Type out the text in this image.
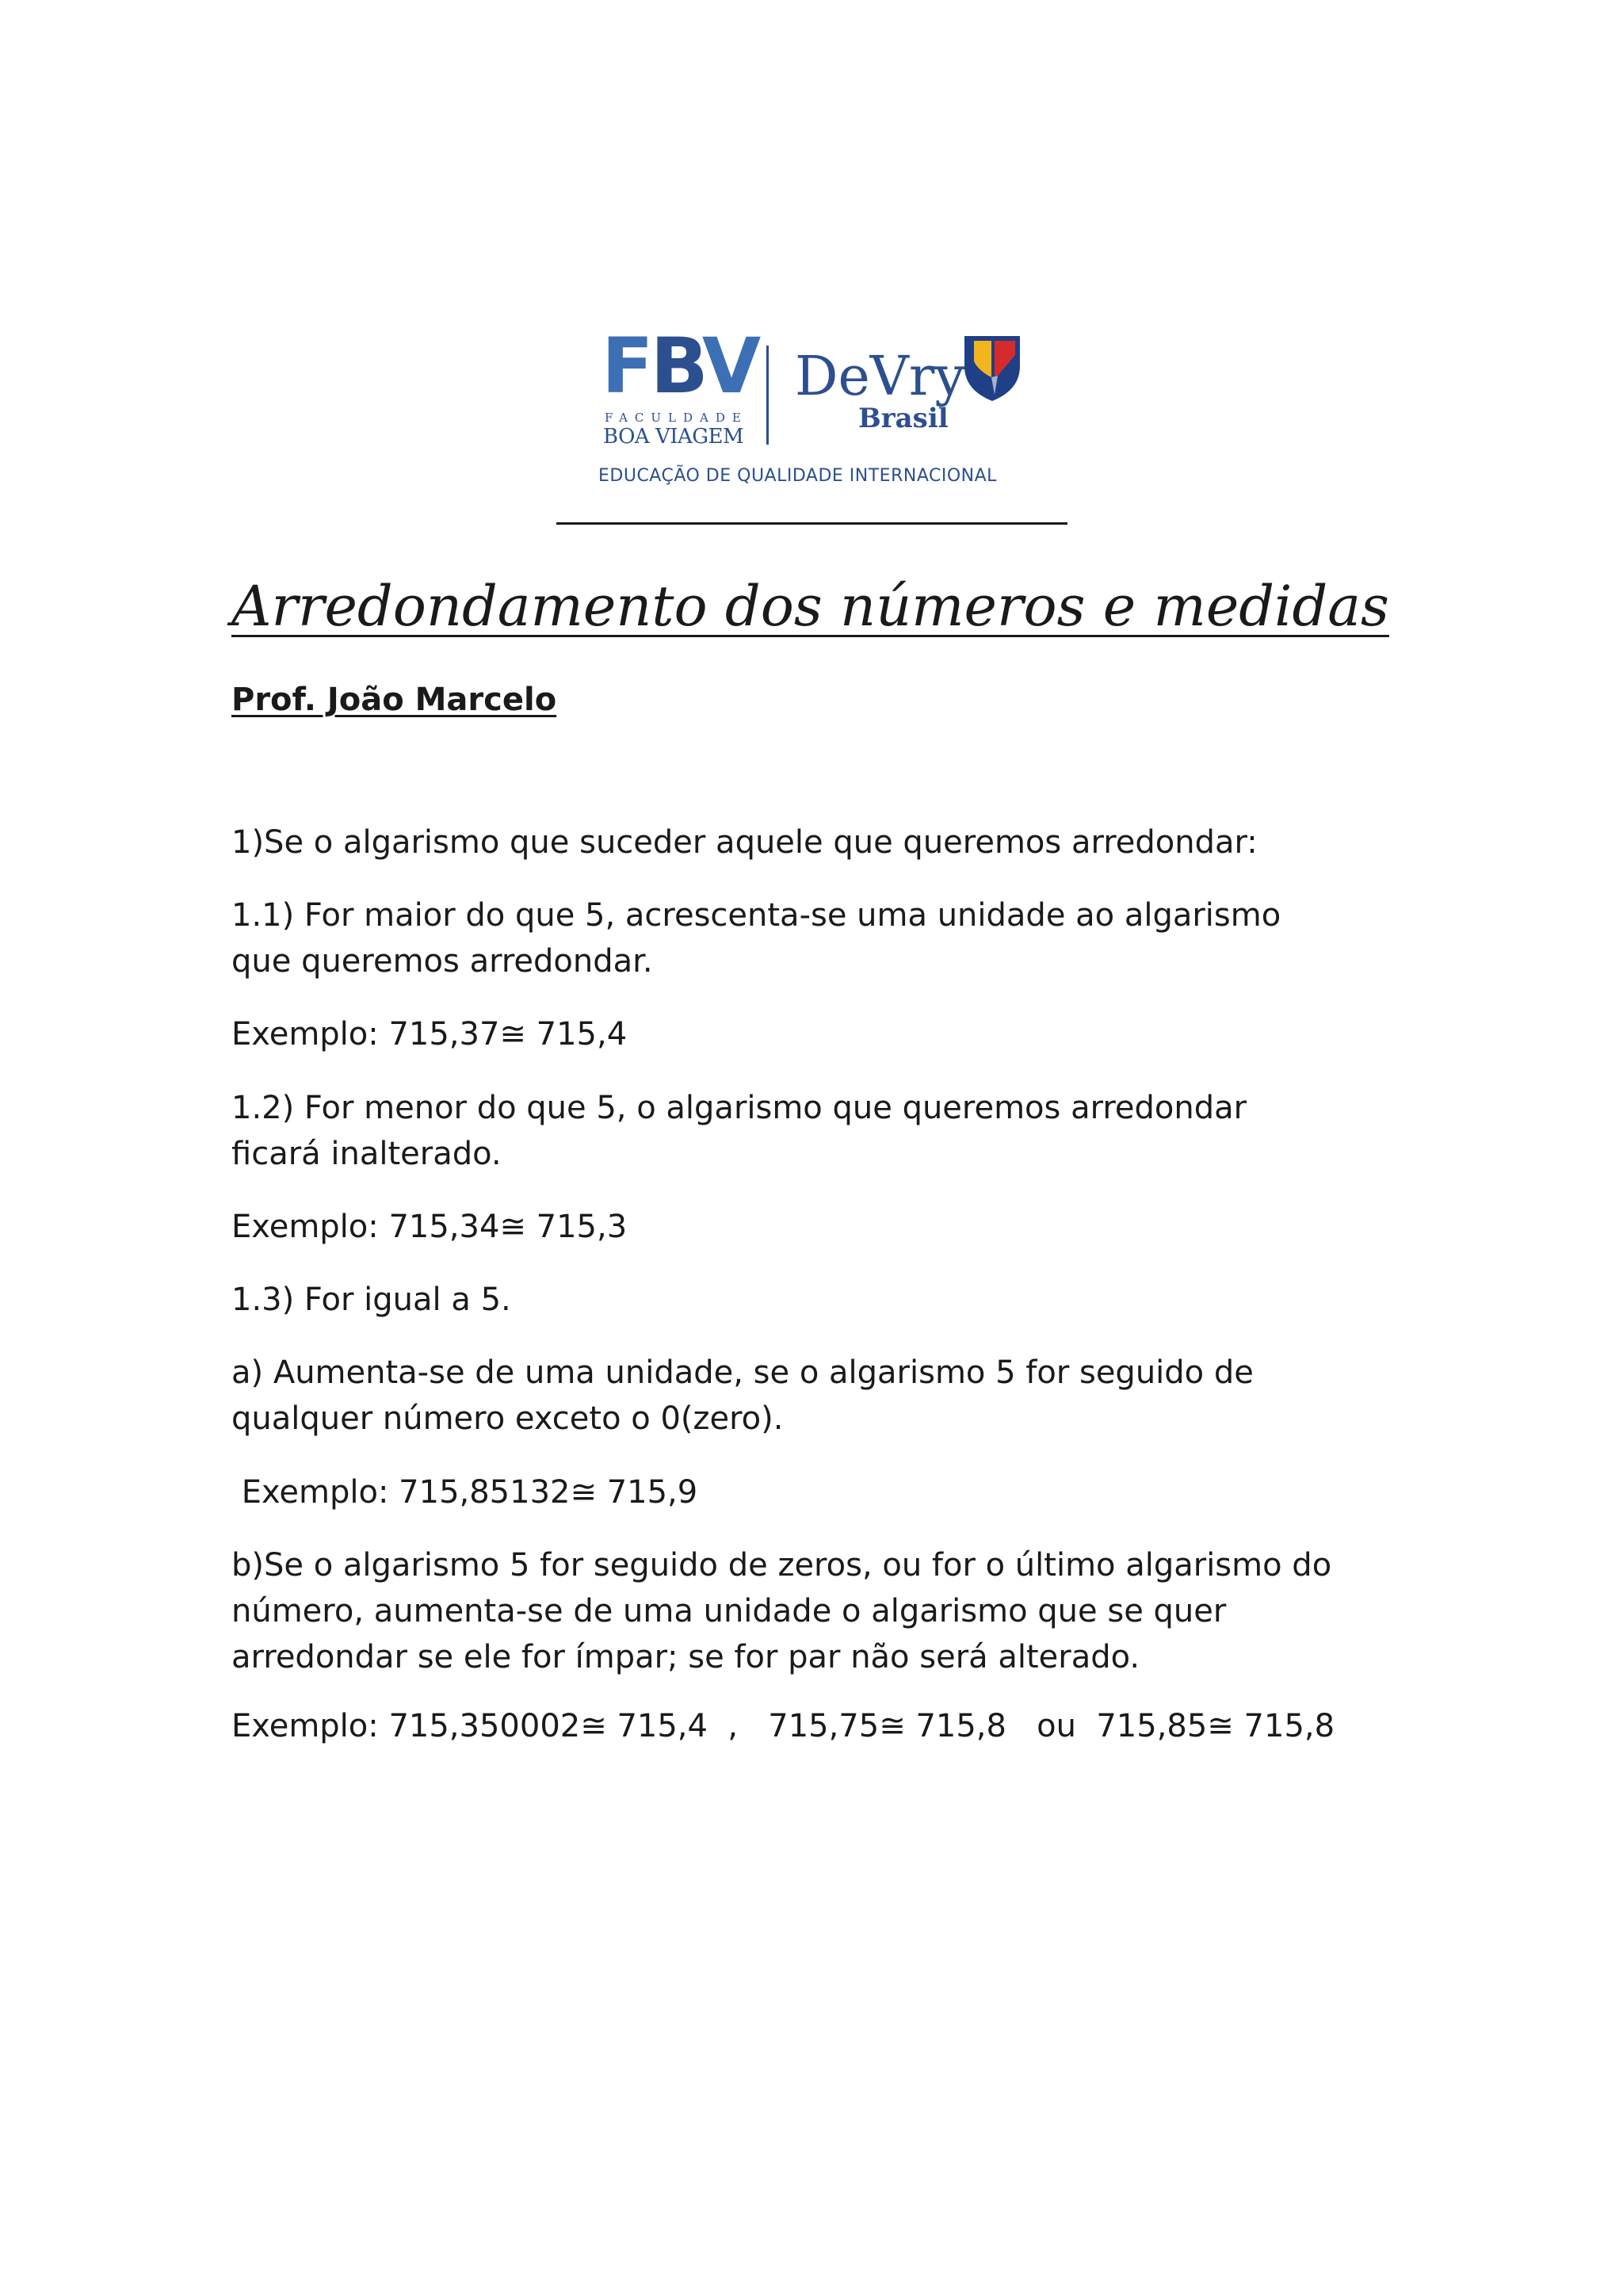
FBV
FACULDADE
BOA VIAGEM
DeVry
Brasil
EDUCAÇÃO DE QUALIDADE INTERNACIONAL
Arredondamento dos números e medidas
Prof. João Marcelo
1)Se o algarismo que suceder aquele que queremos arredondar:
1.1) For maior do que 5, acrescenta-se uma unidade ao algarismo
que queremos arredondar.
Exemplo: 715,37≅ 715,4
1.2) For menor do que 5, o algarismo que queremos arredondar
ficará inalterado.
Exemplo: 715,34≅ 715,3
1.3) For igual a 5.
a) Aumenta-se de uma unidade, se o algarismo 5 for seguido de
qualquer número exceto o 0(zero).
Exemplo: 715,85132≅ 715,9
b)Se o algarismo 5 for seguido de zeros, ou for o último algarismo do
número, aumenta-se de uma unidade o algarismo que se quer
arredondar se ele for ímpar; se for par não será alterado.
Exemplo: 715,350002≅ 715,4  ,   715,75≅ 715,8   ou  715,85≅ 715,8
